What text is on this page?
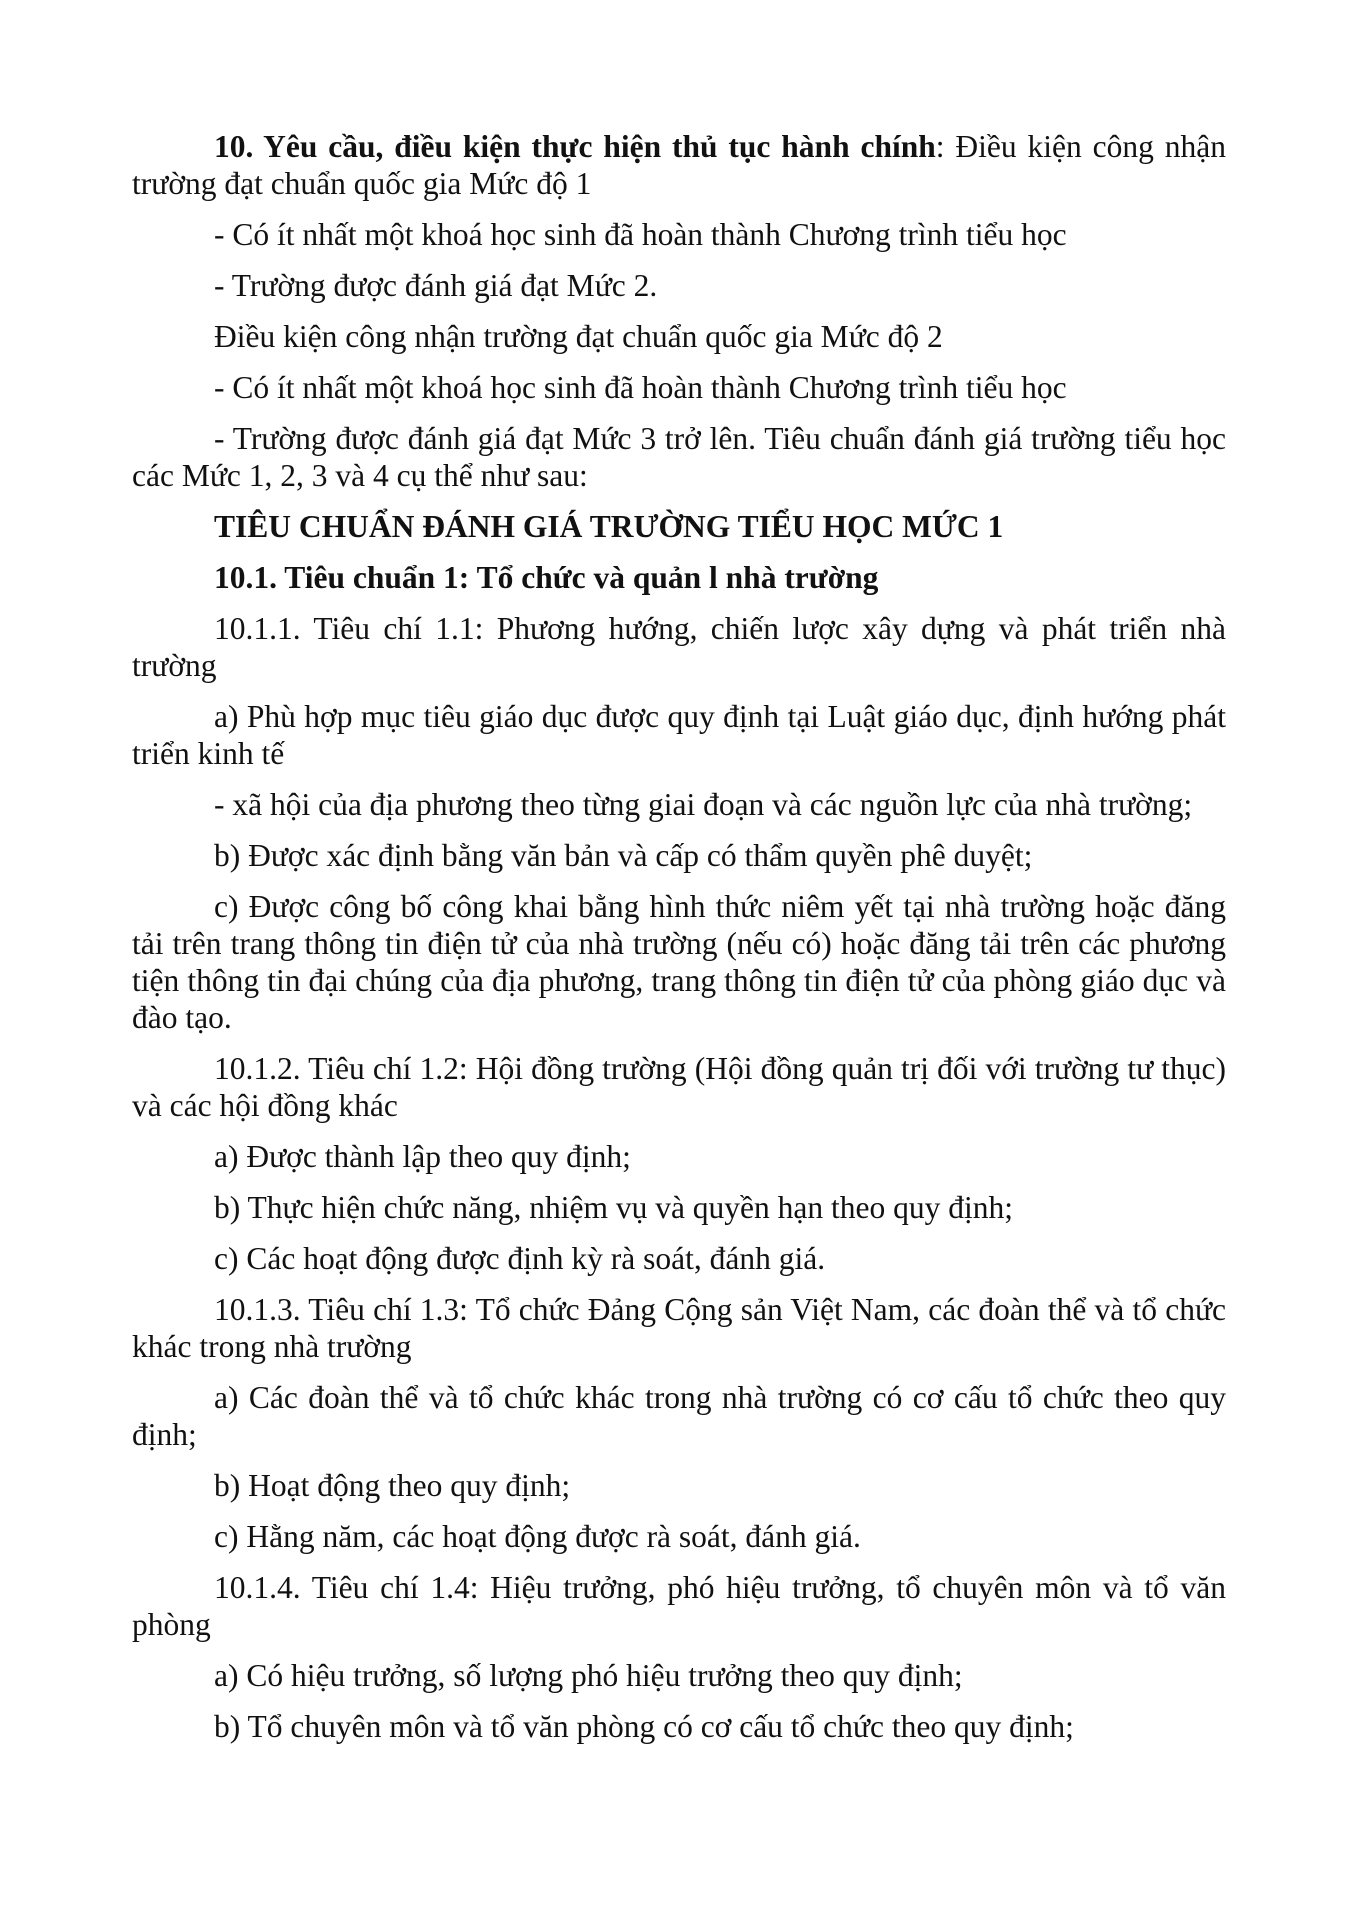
10. Yêu cầu, điều kiện thực hiện thủ tục hành chính: Điều kiện công nhận trường đạt chuẩn quốc gia Mức độ 1

- Có ít nhất một khoá học sinh đã hoàn thành Chương trình tiểu học

- Trường được đánh giá đạt Mức 2.

Điều kiện công nhận trường đạt chuẩn quốc gia Mức độ 2

- Có ít nhất một khoá học sinh đã hoàn thành Chương trình tiểu học

- Trường được đánh giá đạt Mức 3 trở lên. Tiêu chuẩn đánh giá trường tiểu học các Mức 1, 2, 3 và 4 cụ thể như sau:

TIÊU CHUẨN ĐÁNH GIÁ TRƯỜNG TIỂU HỌC MỨC 1

10.1. Tiêu chuẩn 1: Tổ chức và quản l nhà trường

10.1.1. Tiêu chí 1.1: Phương hướng, chiến lược xây dựng và phát triển nhà trường

a) Phù hợp mục tiêu giáo dục được quy định tại Luật giáo dục, định hướng phát triển kinh tế

- xã hội của địa phương theo từng giai đoạn và các nguồn lực của nhà trường;

b) Được xác định bằng văn bản và cấp có thẩm quyền phê duyệt;

c) Được công bố công khai bằng hình thức niêm yết tại nhà trường hoặc đăng tải trên trang thông tin điện tử của nhà trường (nếu có) hoặc đăng tải trên các phương tiện thông tin đại chúng của địa phương, trang thông tin điện tử của phòng giáo dục và đào tạo.

10.1.2. Tiêu chí 1.2: Hội đồng trường (Hội đồng quản trị đối với trường tư thục) và các hội đồng khác

a) Được thành lập theo quy định;

b) Thực hiện chức năng, nhiệm vụ và quyền hạn theo quy định;

c) Các hoạt động được định kỳ rà soát, đánh giá.

10.1.3. Tiêu chí 1.3: Tổ chức Đảng Cộng sản Việt Nam, các đoàn thể và tổ chức khác trong nhà trường

a) Các đoàn thể và tổ chức khác trong nhà trường có cơ cấu tổ chức theo quy định;

b) Hoạt động theo quy định;

c) Hằng năm, các hoạt động được rà soát, đánh giá.

10.1.4. Tiêu chí 1.4: Hiệu trưởng, phó hiệu trưởng, tổ chuyên môn và tổ văn phòng

a) Có hiệu trưởng, số lượng phó hiệu trưởng theo quy định;

b) Tổ chuyên môn và tổ văn phòng có cơ cấu tổ chức theo quy định;
